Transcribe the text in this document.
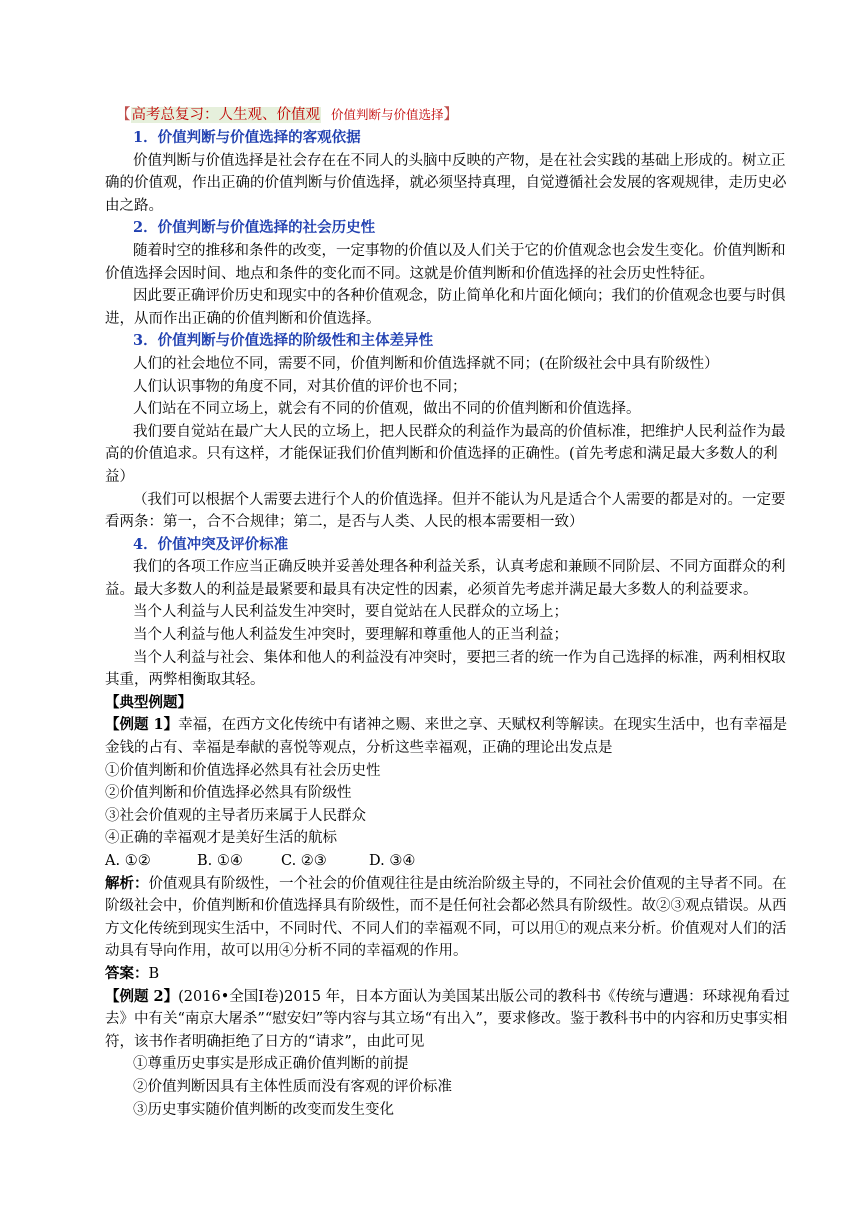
【高考总复习：人生观、价值观 价值判断与价值选择】
1．价值判断与价值选择的客观依据

价值判断与价值选择是社会存在在不同人的头脑中反映的产物，是在社会实践的基础上形成的。树立正确的价值观，作出正确的价值判断与价值选择，就必须坚持真理，自觉遵循社会发展的客观规律，走历史必由之路。

2．价值判断与价值选择的社会历史性

随着时空的推移和条件的改变，一定事物的价值以及人们关于它的价值观念也会发生变化。价值判断和价值选择会因时间、地点和条件的变化而不同。这就是价值判断和价值选择的社会历史性特征。

因此要正确评价历史和现实中的各种价值观念，防止简单化和片面化倾向；我们的价值观念也要与时俱进，从而作出正确的价值判断和价值选择。

3．价值判断与价值选择的阶级性和主体差异性

人们的社会地位不同，需要不同，价值判断和价值选择就不同；(在阶级社会中具有阶级性）

人们认识事物的角度不同，对其价值的评价也不同；

人们站在不同立场上，就会有不同的价值观，做出不同的价值判断和价值选择。

我们要自觉站在最广大人民的立场上，把人民群众的利益作为最高的价值标准，把维护人民利益作为最高的价值追求。只有这样，才能保证我们价值判断和价值选择的正确性。(首先考虑和满足最大多数人的利益）

（我们可以根据个人需要去进行个人的价值选择。但并不能认为凡是适合个人需要的都是对的。一定要看两条：第一，合不合规律；第二，是否与人类、人民的根本需要相一致）

4．价值冲突及评价标准

我们的各项工作应当正确反映并妥善处理各种利益关系，认真考虑和兼顾不同阶层、不同方面群众的利益。最大多数人的利益是最紧要和最具有决定性的因素，必须首先考虑并满足最大多数人的利益要求。

当个人利益与人民利益发生冲突时，要自觉站在人民群众的立场上；

当个人利益与他人利益发生冲突时，要理解和尊重他人的正当利益；

当个人利益与社会、集体和他人的利益没有冲突时，要把三者的统一作为自己选择的标准，两利相权取其重，两弊相衡取其轻。

【典型例题】

【例题 1】幸福，在西方文化传统中有诸神之赐、来世之享、天赋权利等解读。在现实生活中，也有幸福是金钱的占有、幸福是奉献的喜悦等观点，分析这些幸福观，正确的理论出发点是

①价值判断和价值选择必然具有社会历史性
②价值判断和价值选择必然具有阶级性
③社会价值观的主导者历来属于人民群众
④正确的幸福观才是美好生活的航标
A. ①②	B. ①④	C. ②③	D. ③④

解析：价值观具有阶级性，一个社会的价值观往往是由统治阶级主导的，不同社会价值观的主导者不同。在阶级社会中，价值判断和价值选择具有阶级性，而不是任何社会都必然具有阶级性。故②③观点错误。从西方文化传统到现实生活中，不同时代、不同人们的幸福观不同，可以用①的观点来分析。价值观对人们的活动具有导向作用，故可以用④分析不同的幸福观的作用。

答案：B

【例题 2】(2016•全国Ⅰ卷)2015 年，日本方面认为美国某出版公司的教科书《传统与遭遇：环球视角看过去》中有关“南京大屠杀”“慰安妇”等内容与其立场“有出入”，要求修改。鉴于教科书中的内容和历史事实相符，该书作者明确拒绝了日方的“请求”，由此可见

①尊重历史事实是形成正确价值判断的前提
②价值判断因具有主体性质而没有客观的评价标准
③历史事实随价值判断的改变而发生变化
